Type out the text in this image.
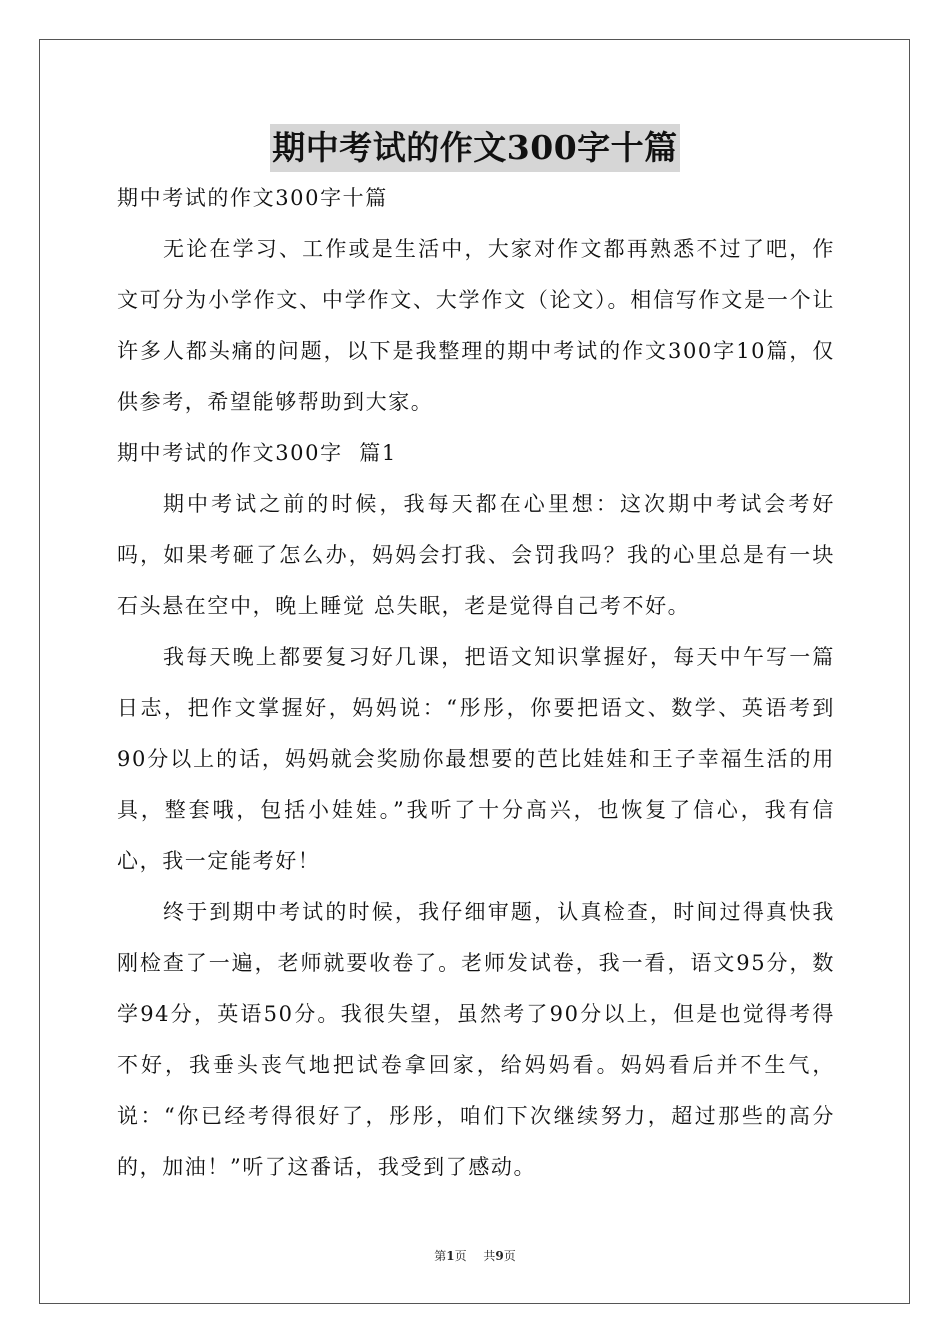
期中考试的作文300字十篇

期中考试的作文300字十篇

无论在学习、工作或是生活中，大家对作文都再熟悉不过了吧，作文可分为小学作文、中学作文、大学作文（论文）。相信写作文是一个让许多人都头痛的问题，以下是我整理的期中考试的作文300字10篇，仅供参考，希望能够帮助到大家。

期中考试的作文300字  篇1

期中考试之前的时候，我每天都在心里想：这次期中考试会考好吗，如果考砸了怎么办，妈妈会打我、会罚我吗？我的心里总是有一块石头悬在空中，晚上睡觉 总失眠，老是觉得自己考不好。

我每天晚上都要复习好几课，把语文知识掌握好，每天中午写一篇日志，把作文掌握好，妈妈说：“彤彤，你要把语文、数学、英语考到90分以上的话，妈妈就会奖励你最想要的芭比娃娃和王子幸福生活的用具，整套哦，包括小娃娃。”我听了十分高兴，也恢复了信心，我有信心，我一定能考好！

终于到期中考试的时候，我仔细审题，认真检查，时间过得真快我刚检查了一遍，老师就要收卷了。老师发试卷，我一看，语文95分，数学94分，英语50分。我很失望，虽然考了90分以上，但是也觉得考得不好，我垂头丧气地把试卷拿回家，给妈妈看。妈妈看后并不生气，说：“你已经考得很好了，彤彤，咱们下次继续努力，超过那些的高分的，加油！”听了这番话，我受到了感动。

第1页 共9页
